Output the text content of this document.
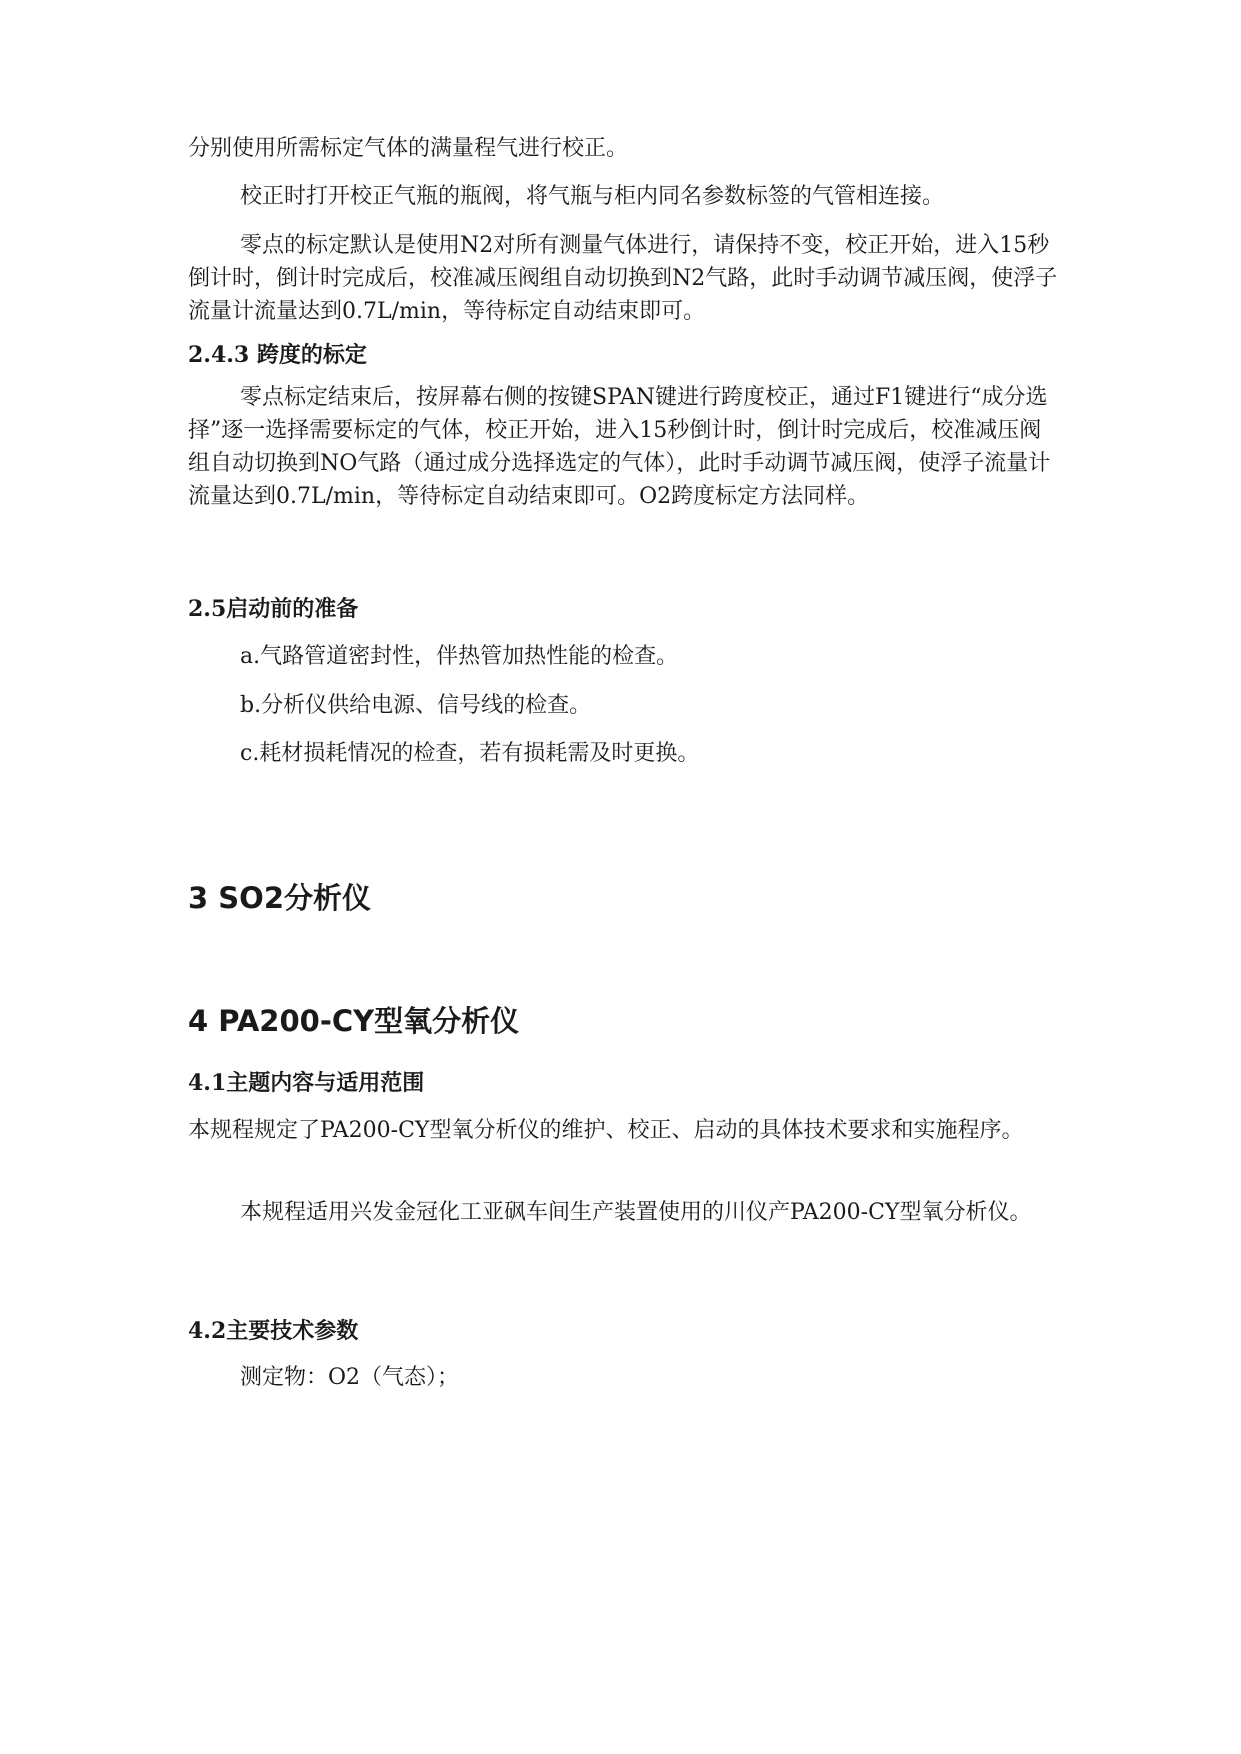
分别使用所需标定气体的满量程气进行校正。

校正时打开校正气瓶的瓶阀，将气瓶与柜内同名参数标签的气管相连接。

零点的标定默认是使用N2对所有测量气体进行，请保持不变，校正开始，进入15秒倒计时，倒计时完成后，校准减压阀组自动切换到N2气路，此时手动调节减压阀，使浮子流量计流量达到0.7L/min，等待标定自动结束即可。

2.4.3 跨度的标定

零点标定结束后，按屏幕右侧的按键SPAN键进行跨度校正，通过F1键进行“成分选择”逐一选择需要标定的气体，校正开始，进入15秒倒计时，倒计时完成后，校准减压阀组自动切换到NO气路（通过成分选择选定的气体），此时手动调节减压阀，使浮子流量计流量达到0.7L/min，等待标定自动结束即可。O2跨度标定方法同样。

2.5启动前的准备

a.气路管道密封性，伴热管加热性能的检查。

b.分析仪供给电源、信号线的检查。

c.耗材损耗情况的检查，若有损耗需及时更换。

3 SO2分析仪
4 PA200-CY型氧分析仪
4.1主题内容与适用范围

本规程规定了PA200-CY型氧分析仪的维护、校正、启动的具体技术要求和实施程序。

本规程适用兴发金冠化工亚砜车间生产装置使用的川仪产PA200-CY型氧分析仪。

4.2主要技术参数

测定物：O2（气态）；
